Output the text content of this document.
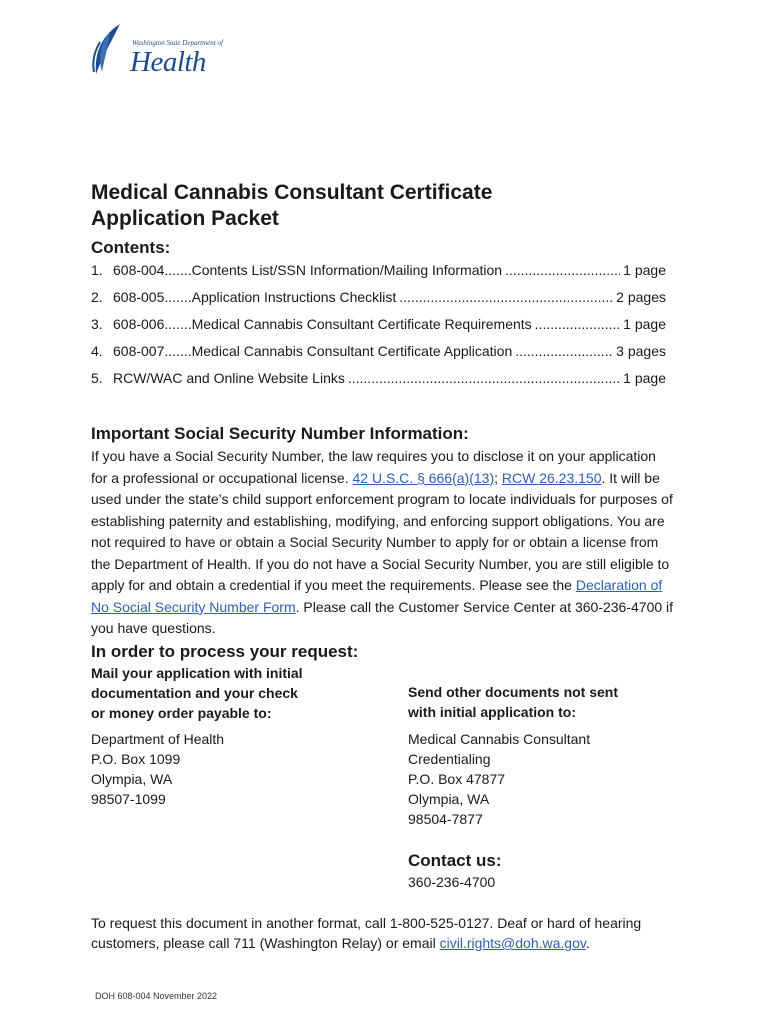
Washington State Department of
Health
Medical Cannabis Consultant Certificate
Application Packet
Contents:
1. 608-004.......Contents List/SSN Information/Mailing Information .....	1 page
2. 608-005.......Application Instructions Checklist .....	2 pages
3. 608-006.......Medical Cannabis Consultant Certificate Requirements .....	1 page
4. 608-007.......Medical Cannabis Consultant Certificate Application .....	3 pages
5. RCW/WAC and Online Website Links .....	1 page
Important Social Security Number Information:

If you have a Social Security Number, the law requires you to disclose it on your application for a professional or occupational license. 42 U.S.C. § 666(a)(13); RCW 26.23.150. It will be used under the state’s child support enforcement program to locate individuals for purposes of establishing paternity and establishing, modifying, and enforcing support obligations. You are not required to have or obtain a Social Security Number to apply for or obtain a license from the Department of Health. If you do not have a Social Security Number, you are still eligible to apply for and obtain a credential if you meet the requirements. Please see the Declaration of No Social Security Number Form. Please call the Customer Service Center at 360-236-4700 if you have questions.

In order to process your request:
Mail your application with initial
documentation and your check
or money order payable to:
Department of Health
P.O. Box 1099
Olympia, WA
98507-1099
Send other documents not sent
with initial application to:
Medical Cannabis Consultant
Credentialing
P.O. Box 47877
Olympia, WA
98504-7877
Contact us:
360-236-4700

To request this document in another format, call 1-800-525-0127. Deaf or hard of hearing customers, please call 711 (Washington Relay) or email civil.rights@doh.wa.gov.

DOH 608-004 November 2022
